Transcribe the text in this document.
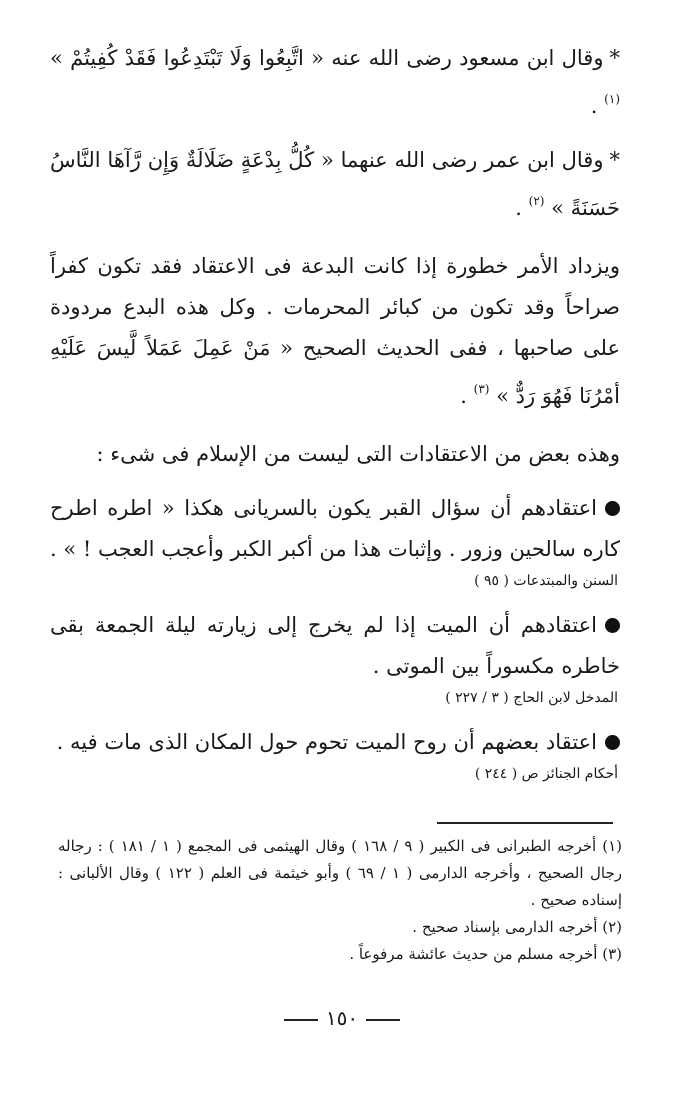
*وقال ابن مسعود رضى الله عنه « اتَّبِعُوا وَلَا تَبْتَدِعُوا فَقَدْ كُفِيتُمْ » $^{(١)}$ .

*وقال ابن عمر رضى الله عنهما « كُلُّ بِدْعَةٍ ضَلَالَةٌ وَإِن رَّآهَا النَّاسُ حَسَنَةً » $^{(٢)}$ .

ويزداد الأمر خطورة إذا كانت البدعة فى الاعتقاد فقد تكون كفراً صراحاً وقد تكون من كبائر المحرمات . وكل هذه البدع مردودة على صاحبها ، ففى الحديث الصحيح « مَنْ عَمِلَ عَمَلاً لَّيسَ عَلَيْهِ أمْرُنَا فَهُوَ رَدٌّ » $^{(٣)}$ .

وهذه بعض من الاعتقادات التى ليست من الإسلام فى شىء :

اعتقادهم أن سؤال القبر يكون بالسريانى هكذا « اطره اطرح كاره سالحين وزور . وإثبات هذا من أكبر الكبر وأعجب العجب ! » .

السنن والمبتدعات ( ٩٥ )

اعتقادهم أن الميت إذا لم يخرج إلى زيارته ليلة الجمعة بقى خاطره مكسوراً بين الموتى .

المدخل لابن الحاج ( ٣ / ٢٢٧ )

اعتقاد بعضهم أن روح الميت تحوم حول المكان الذى مات فيه .

أحكام الجنائز ص ( ٢٤٤ )

(١) أخرجه الطبرانى فى الكبير ( ٩ / ١٦٨ ) وقال الهيثمى فى المجمع ( ١ / ١٨١ ) : رجاله رجال الصحيح ، وأخرجه الدارمى ( ١ / ٦٩ ) وأبو خيثمة فى العلم ( ١٢٢ ) وقال الألبانى : إسناده صحيح .

(٢) أخرجه الدارمى بإسناد صحيح .

(٣) أخرجه مسلم من حديث عائشة مرفوعاً .

١٥٠
